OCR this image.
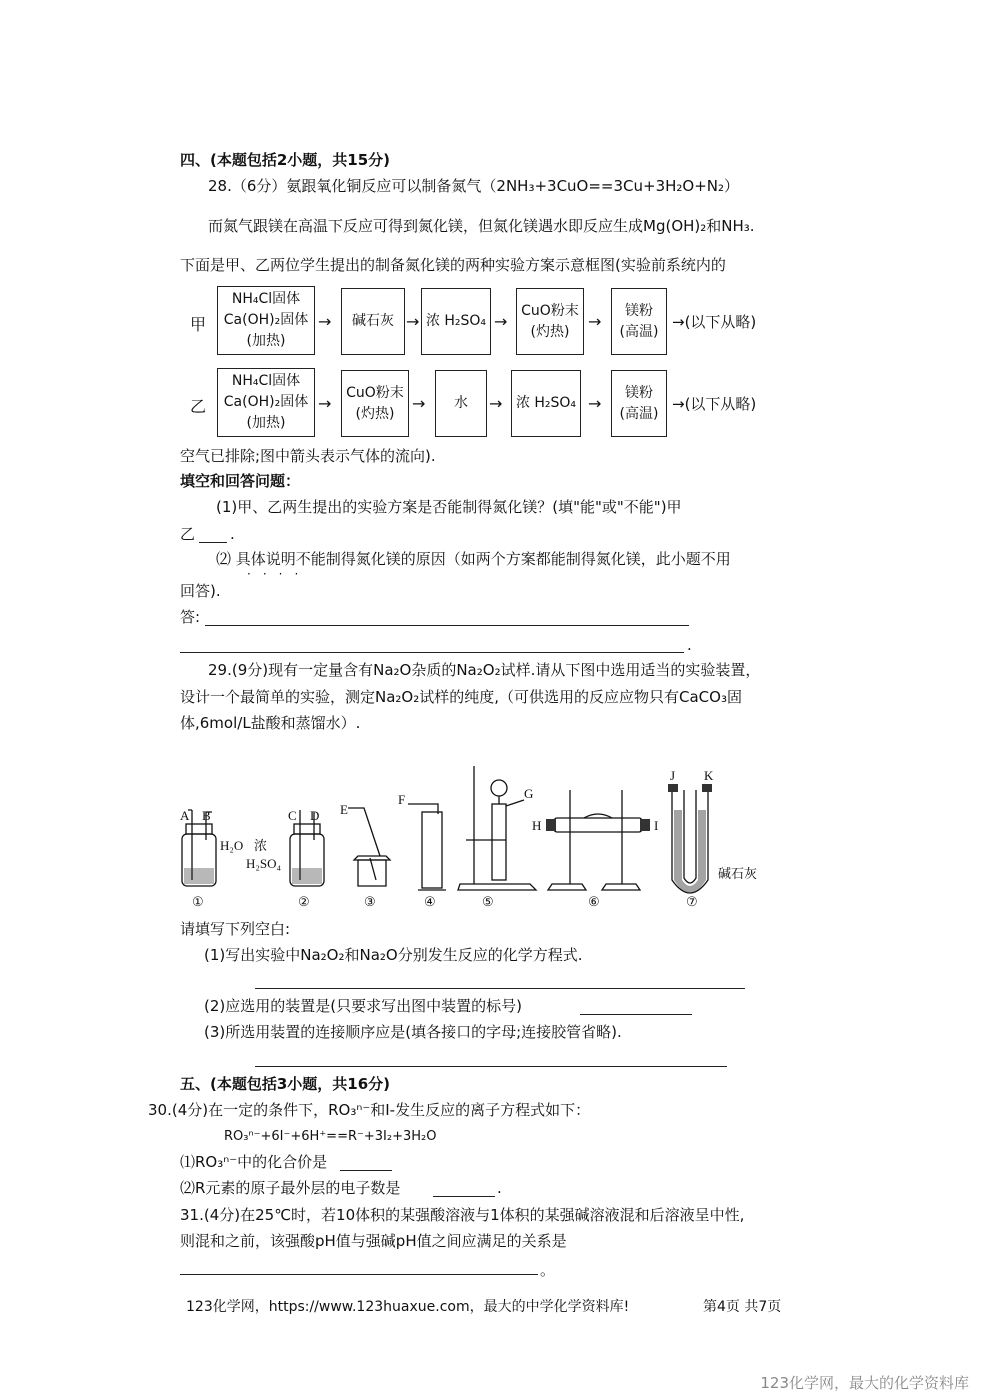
四、(本题包括2小题，共15分)
28.（6分）氨跟氧化铜反应可以制备氮气（2NH₃+3CuO==3Cu+3H₂O+N₂）
而氮气跟镁在高温下反应可得到氮化镁，但氮化镁遇水即反应生成Mg(OH)₂和NH₃.
下面是甲、乙两位学生提出的制备氮化镁的两种实验方案示意框图(实验前系统内的
甲
NH₄Cl固体
Ca(OH)₂固体
(加热)
→ 碱石灰 → 浓 H₂SO₄ →
CuO粉末
(灼热)
→
镁粉
(高温)
→(以下从略)
乙
NH₄Cl固体
Ca(OH)₂固体
(加热)
→
CuO粉末
(灼热)
→ 水 → 浓 H₂SO₄ →
镁粉
(高温)
→(以下从略)
空气已排除;图中箭头表示气体的流向).
填空和回答问题：
(1)甲、乙两生提出的实验方案是否能制得氮化镁？(填"能"或"不能")甲
乙 .
⑵ 具体说明不能制得氮化镁的原因（如两个方案都能制得氮化镁，此小题不用
····
回答).
答:
.
29.(9分)现有一定量含有Na₂O杂质的Na₂O₂试样.请从下图中选用适当的实验装置，
设计一个最简单的实验，测定Na₂O₂试样的纯度,（可供选用的反应应物只有CaCO₃固
体,6mol/L盐酸和蒸馏水）.
A B	C D E
F	G
H	I
J K
H₂O 浓
H₂SO₄
碱石灰
①	②	③	④	⑤	⑥	⑦
请填写下列空白:
(1)写出实验中Na₂O₂和Na₂O分别发生反应的化学方程式.
(2)应选用的装置是(只要求写出图中装置的标号)
(3)所选用装置的连接顺序应是(填各接口的字母;连接胶管省略).
五、(本题包括3小题，共16分)
30.(4分)在一定的条件下，RO₃ⁿ⁻和I-发生反应的离子方程式如下：
RO₃ⁿ⁻+6I⁻+6H⁺==R⁻+3I₂+3H₂O
⑴RO₃ⁿ⁻中的化合价是
⑵R元素的原子最外层的电子数是	.
31.(4分)在25℃时，若10体积的某强酸溶液与1体积的某强碱溶液混和后溶液呈中性,
则混和之前，该强酸pH值与强碱pH值之间应满足的关系是
。
123化学网，https://www.123huaxue.com，最大的中学化学资料库!	第4页 共7页
123化学网，最大的化学资料库
